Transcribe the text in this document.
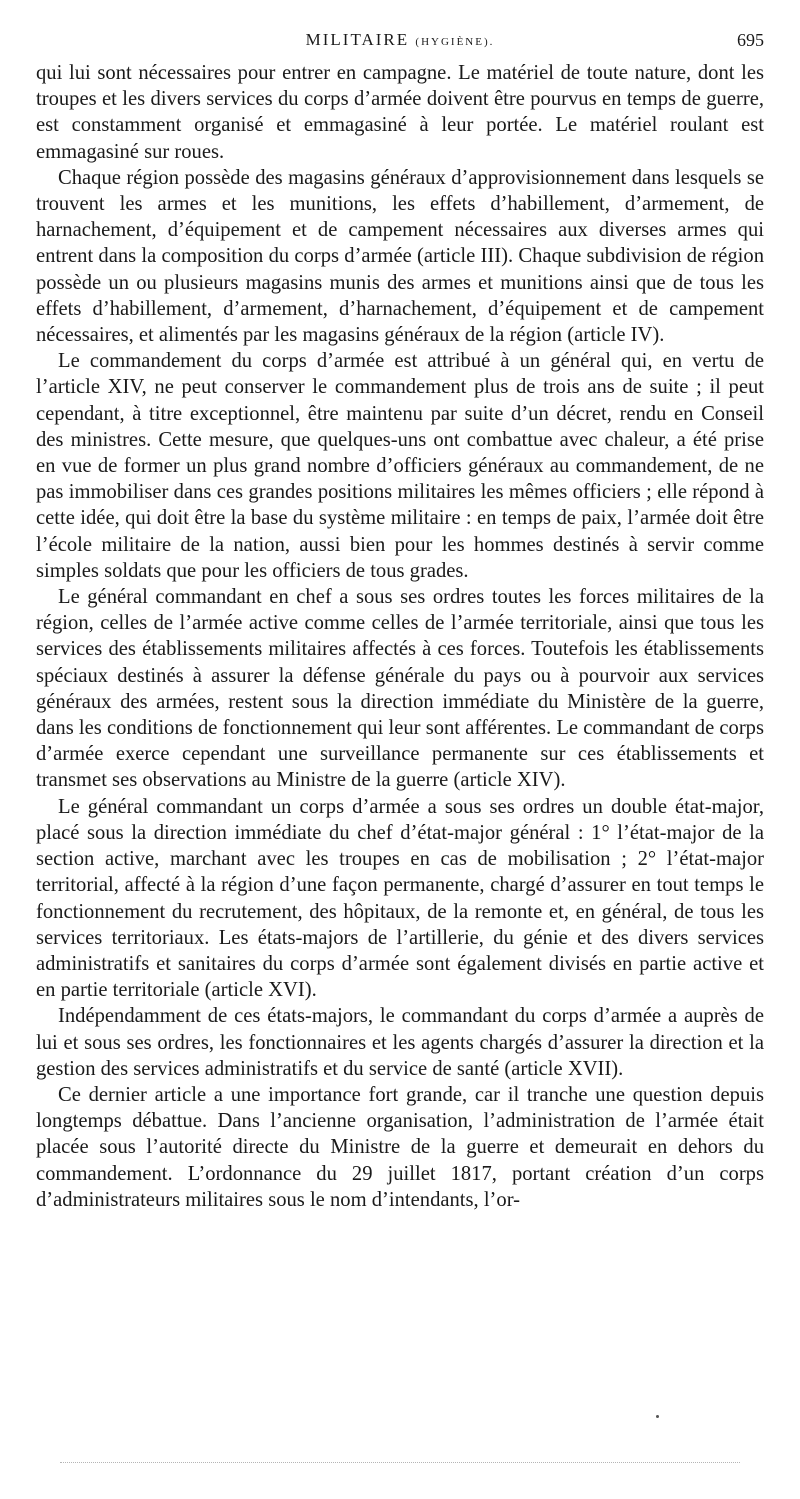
MILITAIRE (HYGIÈNE).	695

qui lui sont nécessaires pour entrer en campagne. Le matériel de toute nature, dont les troupes et les divers services du corps d’armée doivent être pourvus en temps de guerre, est constamment organisé et emmagasiné à leur portée. Le matériel roulant est emmagasiné sur roues.

Chaque région possède des magasins généraux d’approvisionnement dans lesquels se trouvent les armes et les munitions, les effets d’habillement, d’armement, de harnachement, d’équipement et de campement nécessaires aux diverses armes qui entrent dans la composition du corps d’armée (article III). Chaque subdivision de région possède un ou plusieurs magasins munis des armes et munitions ainsi que de tous les effets d’habillement, d’armement, d’harnachement, d’équipement et de campement nécessaires, et alimentés par les magasins généraux de la région (article IV).

Le commandement du corps d’armée est attribué à un général qui, en vertu de l’article XIV, ne peut conserver le commandement plus de trois ans de suite ; il peut cependant, à titre exceptionnel, être maintenu par suite d’un décret, rendu en Conseil des ministres. Cette mesure, que quelques-uns ont combattue avec chaleur, a été prise en vue de former un plus grand nombre d’officiers généraux au commandement, de ne pas immobiliser dans ces grandes positions militaires les mêmes officiers ; elle répond à cette idée, qui doit être la base du système militaire : en temps de paix, l’armée doit être l’école militaire de la nation, aussi bien pour les hommes destinés à servir comme simples soldats que pour les officiers de tous grades.

Le général commandant en chef a sous ses ordres toutes les forces militaires de la région, celles de l’armée active comme celles de l’armée territoriale, ainsi que tous les services des établissements militaires affectés à ces forces. Toutefois les établissements spéciaux destinés à assurer la défense générale du pays ou à pourvoir aux services généraux des armées, restent sous la direction immédiate du Ministère de la guerre, dans les conditions de fonctionnement qui leur sont afférentes. Le commandant de corps d’armée exerce cependant une surveillance permanente sur ces établissements et transmet ses observations au Ministre de la guerre (article XIV).

Le général commandant un corps d’armée a sous ses ordres un double état-major, placé sous la direction immédiate du chef d’état-major général : 1° l’état-major de la section active, marchant avec les troupes en cas de mobilisation ; 2° l’état-major territorial, affecté à la région d’une façon permanente, chargé d’assurer en tout temps le fonctionnement du recrutement, des hôpitaux, de la remonte et, en général, de tous les services territoriaux. Les états-majors de l’artillerie, du génie et des divers services administratifs et sanitaires du corps d’armée sont également divisés en partie active et en partie territoriale (article XVI).

Indépendamment de ces états-majors, le commandant du corps d’armée a auprès de lui et sous ses ordres, les fonctionnaires et les agents chargés d’assurer la direction et la gestion des services administratifs et du service de santé (article XVII).

Ce dernier article a une importance fort grande, car il tranche une question depuis longtemps débattue. Dans l’ancienne organisation, l’administration de l’armée était placée sous l’autorité directe du Ministre de la guerre et demeurait en dehors du commandement. L’ordonnance du 29 juillet 1817, portant création d’un corps d’administrateurs militaires sous le nom d’intendants, l’or-
